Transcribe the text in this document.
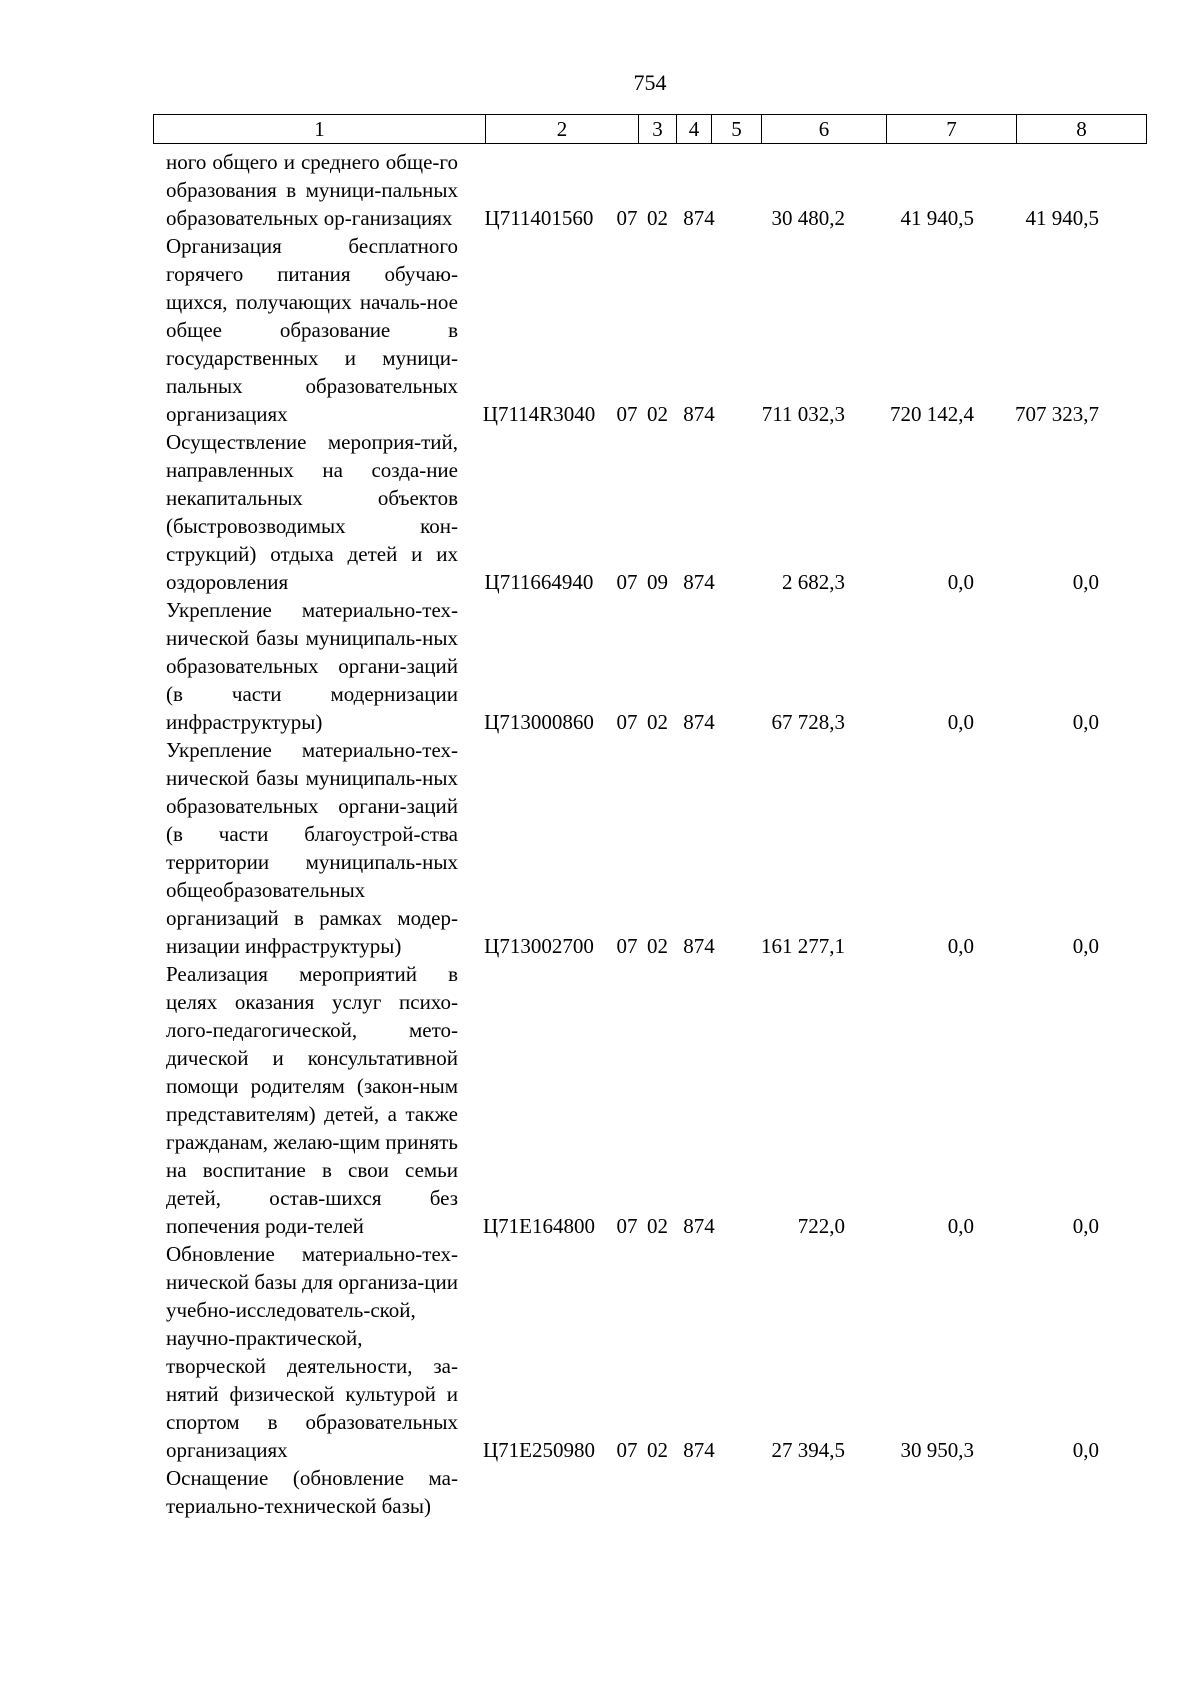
754
1	2	3	4	5	6	7	8
ного общего и среднего обще-го образования в муници-пальных образовательных ор-ганизациях	Ц711401560	07 02 874	30 480,2	41 940,5	41 940,5
Организация бесплатного горячего питания обучаю-щихся, получающих началь-ное общее образование в государственных и муници-пальных образовательных организациях	Ц7114R3040	07 02 874	711 032,3	720 142,4	707 323,7
Осуществление мероприя-тий, направленных на созда-ние некапитальных объектов (быстровозводимых кон-струкций) отдыха детей и их оздоровления	Ц711664940	07 09 874	2 682,3	0,0	0,0
Укрепление материально-тех-нической базы муниципаль-ных образовательных органи-заций (в части модернизации инфраструктуры)	Ц713000860	07 02 874	67 728,3	0,0	0,0
Укрепление материально-тех-нической базы муниципаль-ных образовательных органи-заций (в части благоустрой-ства территории муниципаль-ных общеобразовательных организаций в рамках модер-низации инфраструктуры)	Ц713002700	07 02 874	161 277,1	0,0	0,0
Реализация мероприятий в целях оказания услуг психо-лого-педагогической, мето-дической и консультативной помощи родителям (закон-ным представителям) детей, а также гражданам, желаю-щим принять на воспитание в свои семьи детей, остав-шихся без попечения роди-телей	Ц71Е164800	07 02 874	722,0	0,0	0,0
Обновление материально-тех-нической базы для организа-ции учебно-исследователь-ской, научно-практической, творческой деятельности, за-нятий физической культурой и спортом в образовательных организациях	Ц71Е250980	07 02 874	27 394,5	30 950,3	0,0
Оснащение (обновление ма-териально-технической базы)
